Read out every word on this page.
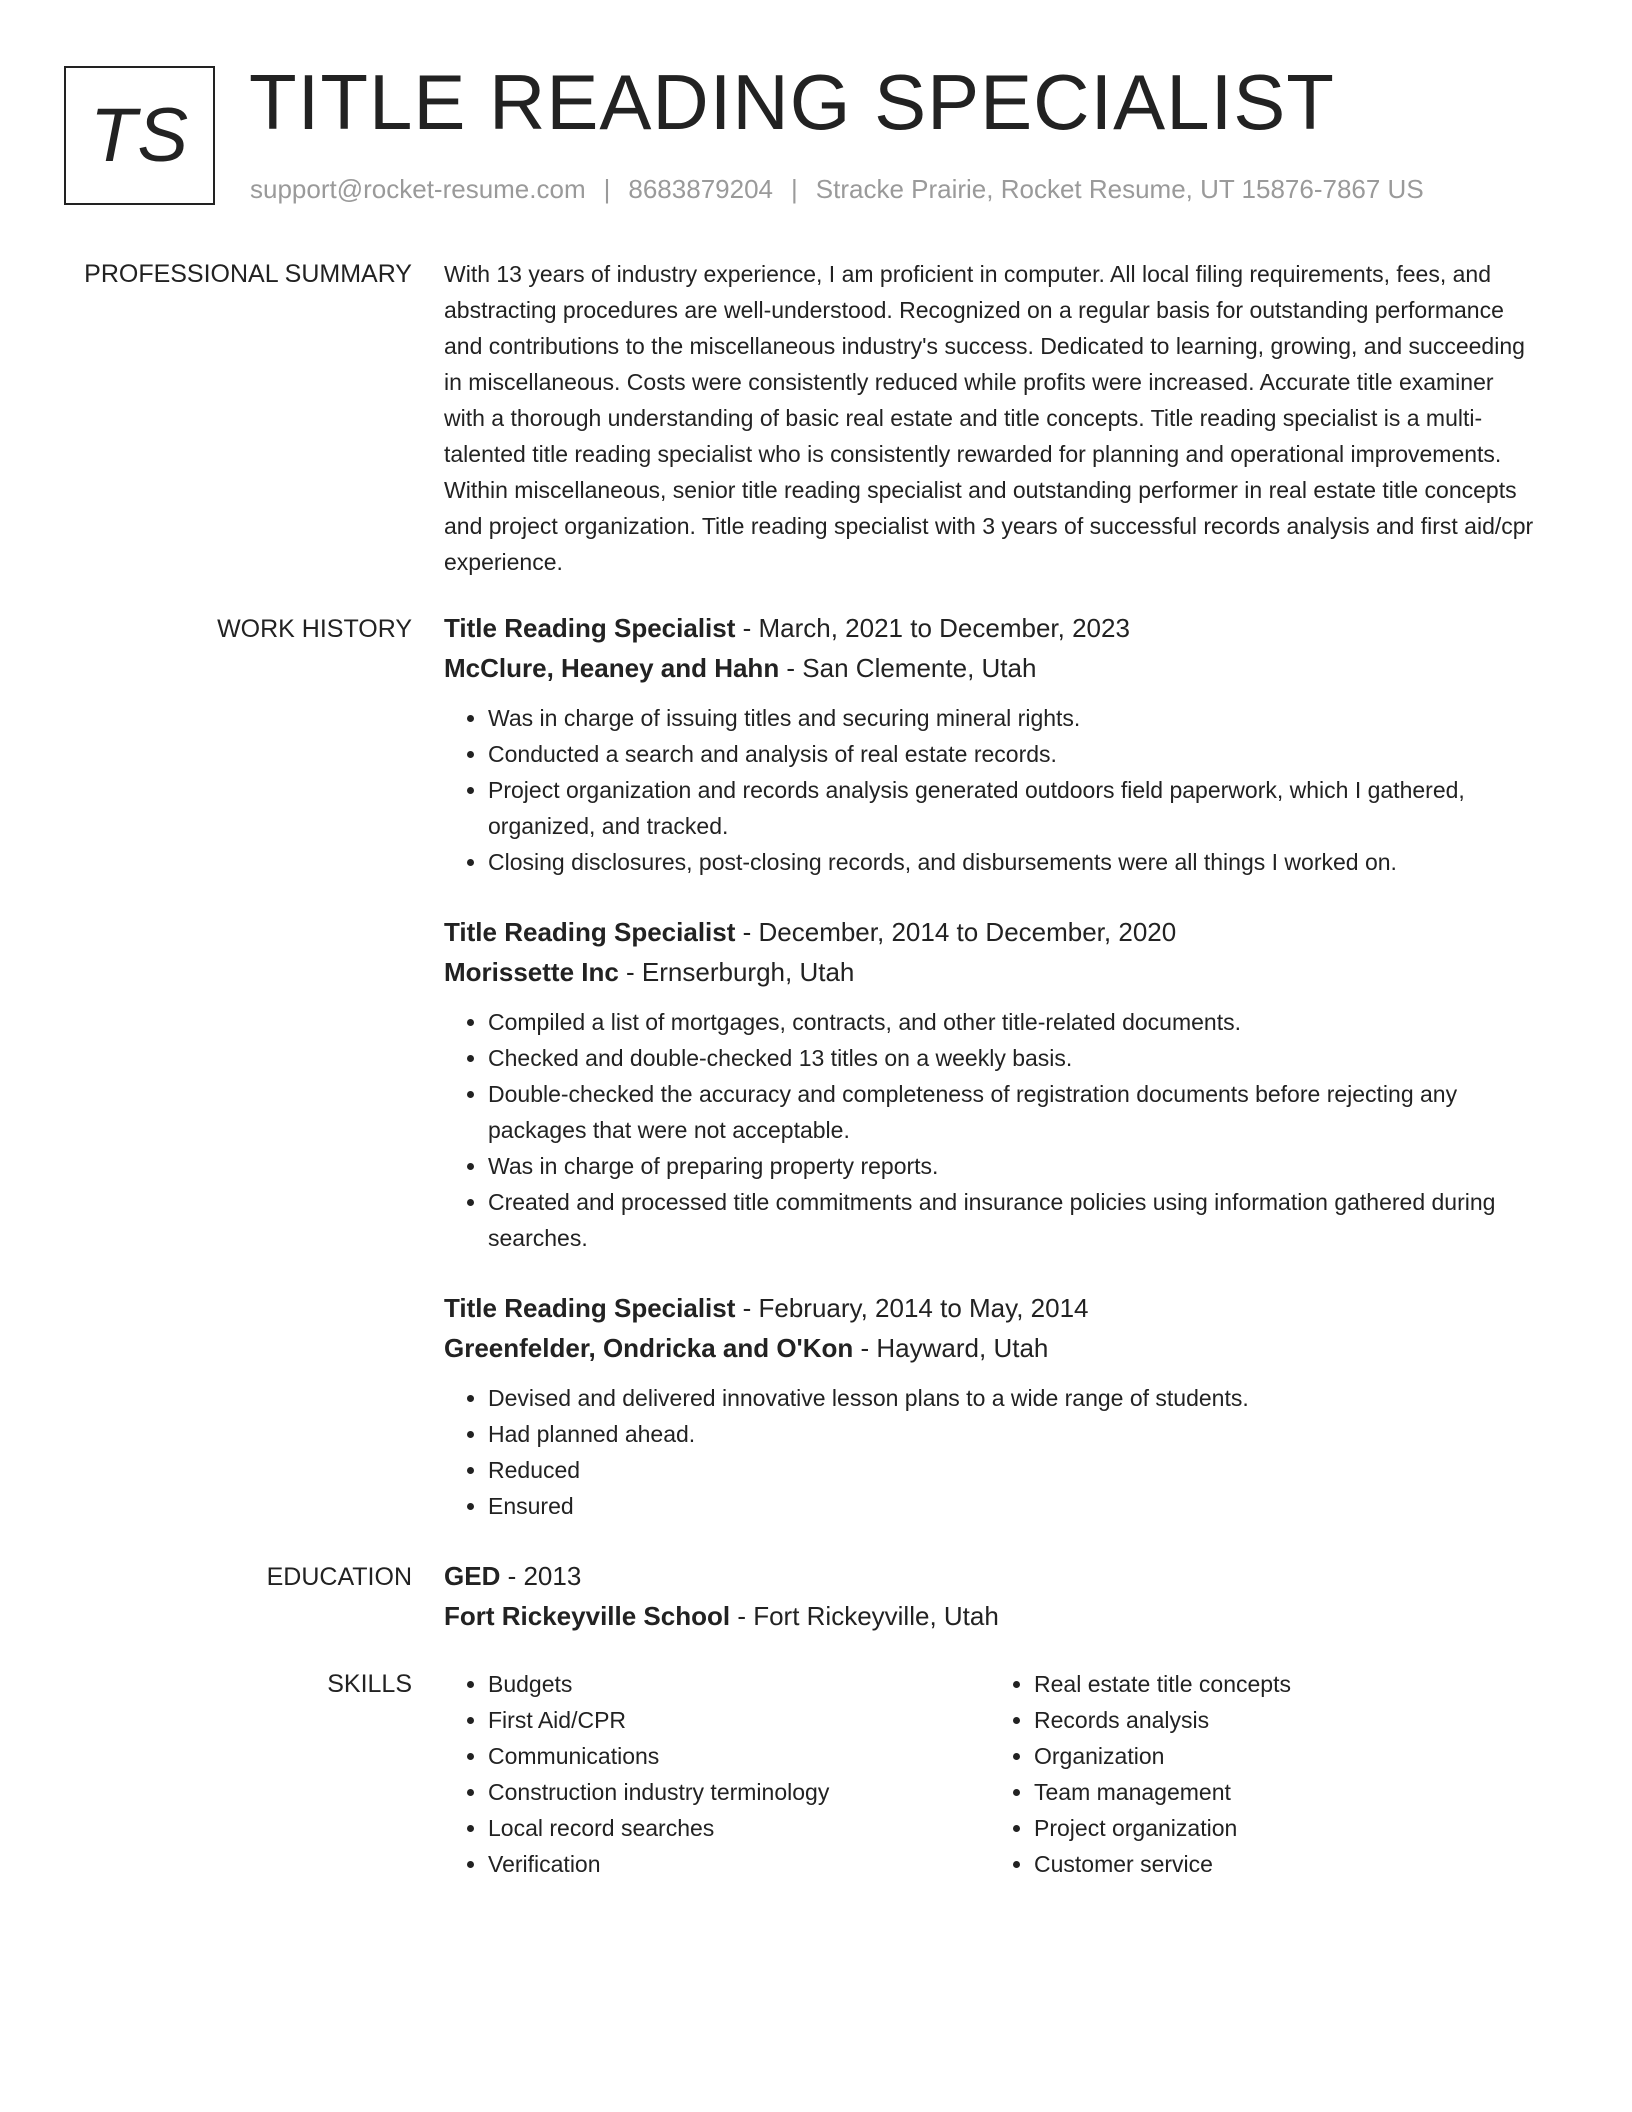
TS TITLE READING SPECIALIST
support@rocket-resume.com | 8683879204 | Stracke Prairie, Rocket Resume, UT 15876-7867 US
PROFESSIONAL SUMMARY With 13 years of industry experience, I am proficient in computer. All local filing requirements, fees, and abstracting procedures are well-understood. Recognized on a regular basis for outstanding performance and contributions to the miscellaneous industry's success. Dedicated to learning, growing, and succeeding in miscellaneous. Costs were consistently reduced while profits were increased. Accurate title examiner with a thorough understanding of basic real estate and title concepts. Title reading specialist is a multi-talented title reading specialist who is consistently rewarded for planning and operational improvements. Within miscellaneous, senior title reading specialist and outstanding performer in real estate title concepts and project organization. Title reading specialist with 3 years of successful records analysis and first aid/cpr experience.

WORK HISTORY Title Reading Specialist - March, 2021 to December, 2023
McClure, Heaney and Hahn - San Clemente, Utah
• Was in charge of issuing titles and securing mineral rights.
• Conducted a search and analysis of real estate records.
• Project organization and records analysis generated outdoors field paperwork, which I gathered, organized, and tracked.
• Closing disclosures, post-closing records, and disbursements were all things I worked on.
Title Reading Specialist - December, 2014 to December, 2020
Morissette Inc - Ernserburgh, Utah
• Compiled a list of mortgages, contracts, and other title-related documents.
• Checked and double-checked 13 titles on a weekly basis.
• Double-checked the accuracy and completeness of registration documents before rejecting any packages that were not acceptable.
• Was in charge of preparing property reports.
• Created and processed title commitments and insurance policies using information gathered during searches.
Title Reading Specialist - February, 2014 to May, 2014
Greenfelder, Ondricka and O'Kon - Hayward, Utah
• Devised and delivered innovative lesson plans to a wide range of students.
• Had planned ahead.
• Reduced
• Ensured
EDUCATION GED - 2013
Fort Rickeyville School - Fort Rickeyville, Utah
SKILLS
•	Budgets
• First Aid/CPR
• Communications
• Construction industry terminology
• Local record searches
• Verification
• Real estate title concepts
• Records analysis
• Organization
• Team management
• Project organization
• Customer service
